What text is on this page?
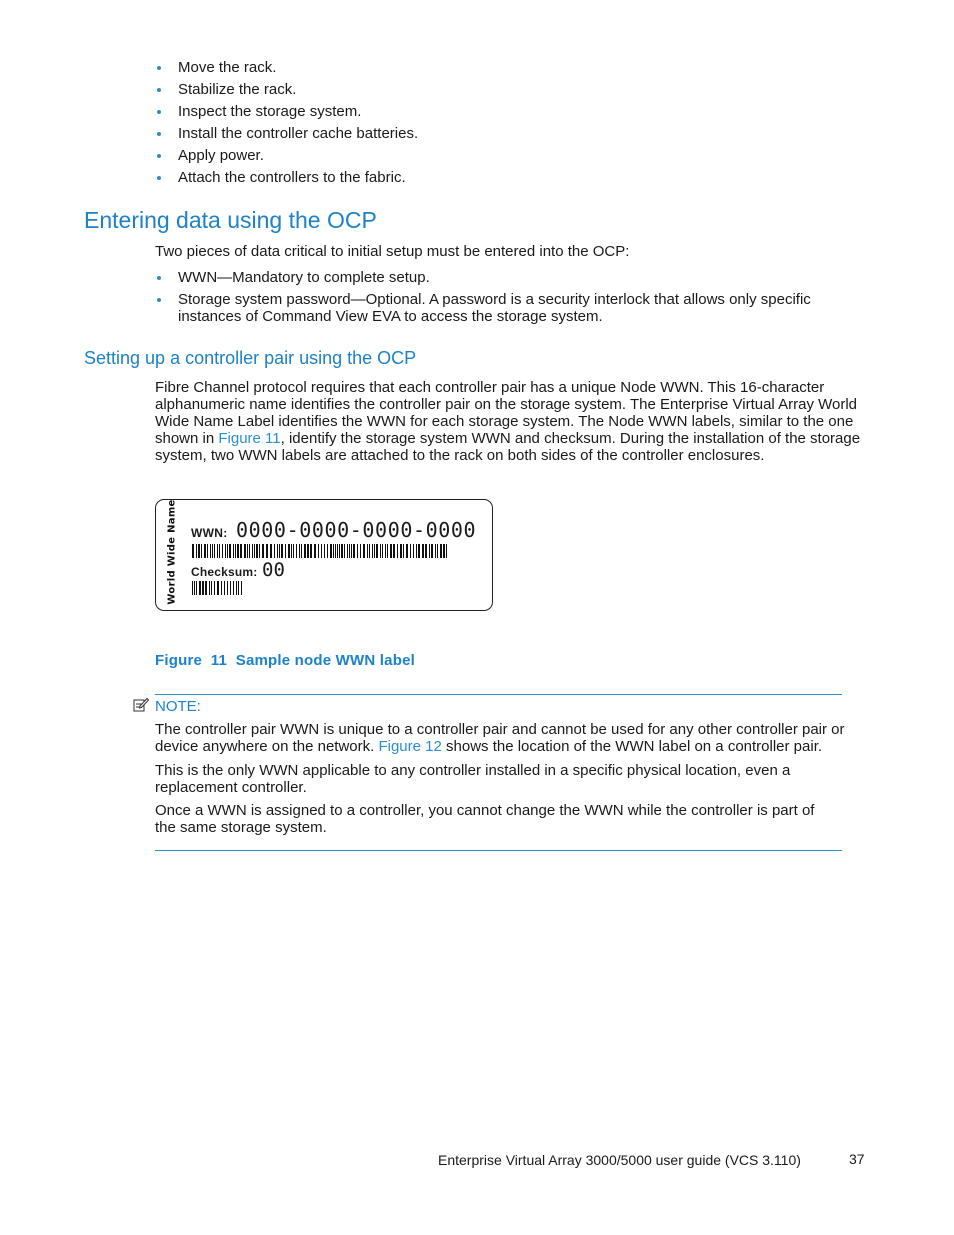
Move the rack.
Stabilize the rack.
Inspect the storage system.
Install the controller cache batteries.
Apply power.
Attach the controllers to the fabric.
Entering data using the OCP
Two pieces of data critical to initial setup must be entered into the OCP:
WWN—Mandatory to complete setup.
Storage system password—Optional. A password is a security interlock that allows only specific instances of Command View EVA to access the storage system.
Setting up a controller pair using the OCP
Fibre Channel protocol requires that each controller pair has a unique Node WWN. This 16-character alphanumeric name identifies the controller pair on the storage system. The Enterprise Virtual Array World Wide Name Label identifies the WWN for each storage system. The Node WWN labels, similar to the one shown in Figure 11, identify the storage system WWN and checksum. During the installation of the storage system, two WWN labels are attached to the rack on both sides of the controller enclosures.
World Wide Name WWN: 0000-0000-0000-0000
Checksum: 00
Figure  11  Sample node WWN label
NOTE:
The controller pair WWN is unique to a controller pair and cannot be used for any other controller pair or device anywhere on the network. Figure 12 shows the location of the WWN label on a controller pair.
This is the only WWN applicable to any controller installed in a specific physical location, even a replacement controller.
Once a WWN is assigned to a controller, you cannot change the WWN while the controller is part of the same storage system.
Enterprise Virtual Array 3000/5000 user guide (VCS 3.110)	37
